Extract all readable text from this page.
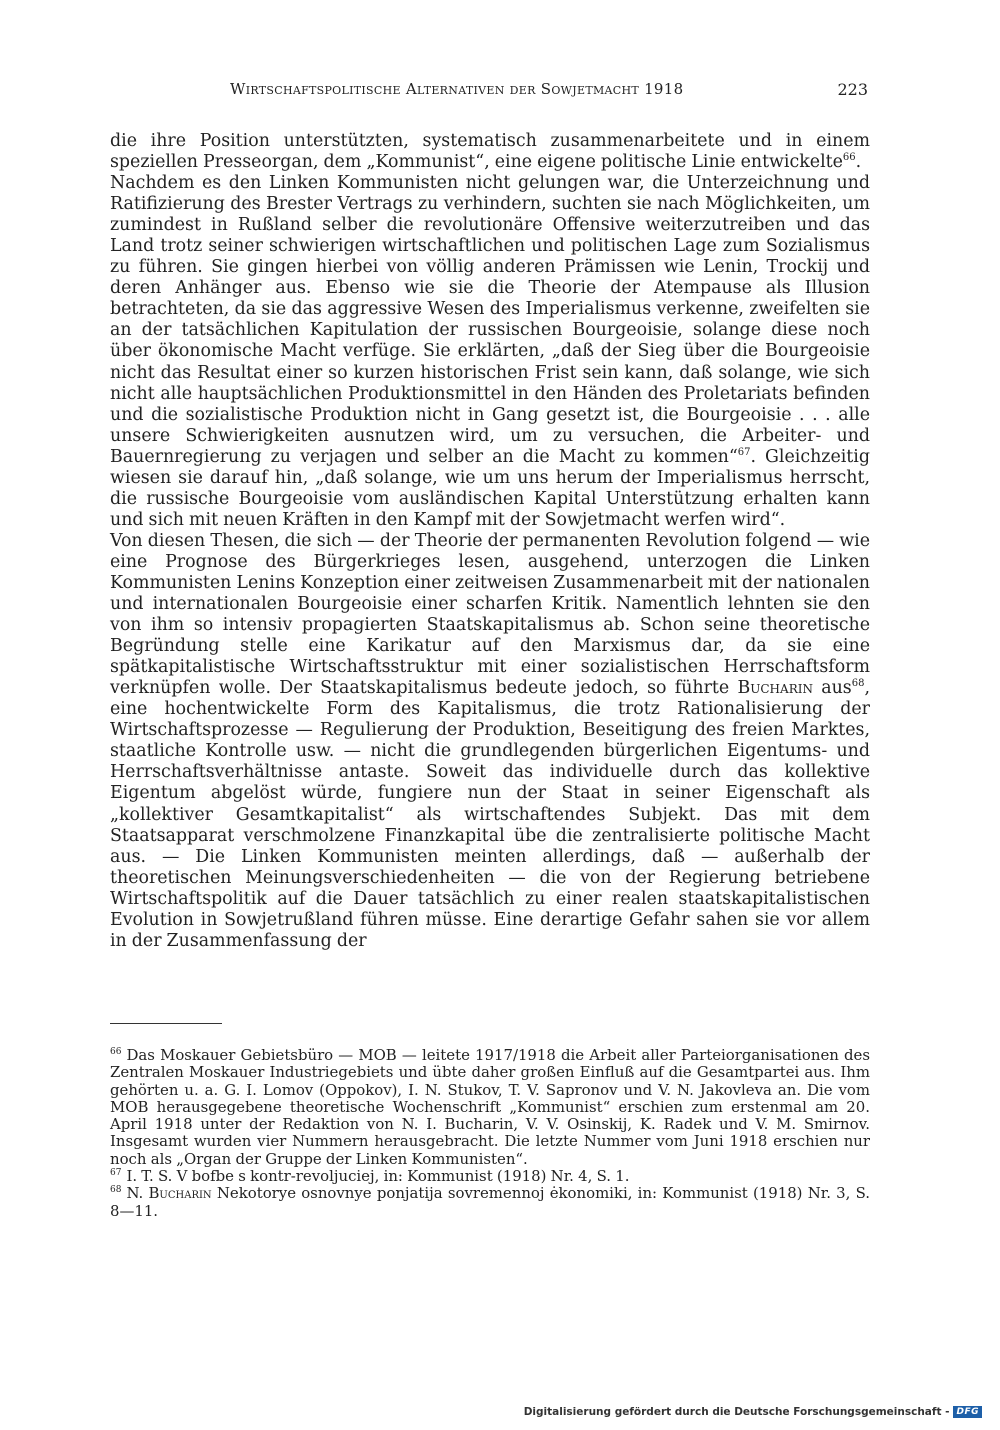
Wirtschaftspolitische Alternativen der Sowjetmacht 1918	223

die ihre Position unterstützten, systematisch zusammenarbeitete und in einem speziellen Presseorgan, dem „Kommunist“, eine eigene politische Linie entwickelte$^{66}$.

Nachdem es den Linken Kommunisten nicht gelungen war, die Unterzeichnung und Ratifizierung des Brester Vertrags zu verhindern, suchten sie nach Möglichkeiten, um zumindest in Rußland selber die revolutionäre Offensive weiterzutreiben und das Land trotz seiner schwierigen wirtschaftlichen und politischen Lage zum Sozialismus zu führen. Sie gingen hierbei von völlig anderen Prämissen wie Lenin, Trockij und deren Anhänger aus. Ebenso wie sie die Theorie der Atempause als Illusion betrachteten, da sie das aggressive Wesen des Imperialismus verkenne, zweifelten sie an der tatsächlichen Kapitulation der russischen Bourgeoisie, solange diese noch über ökonomische Macht verfüge. Sie erklärten, „daß der Sieg über die Bourgeoisie nicht das Resultat einer so kurzen historischen Frist sein kann, daß solange, wie sich nicht alle hauptsächlichen Produktionsmittel in den Händen des Proletariats befinden und die sozialistische Produktion nicht in Gang gesetzt ist, die Bourgeoisie . . . alle unsere Schwierigkeiten ausnutzen wird, um zu versuchen, die Arbeiter- und Bauernregierung zu verjagen und selber an die Macht zu kommen“$^{67}$. Gleichzeitig wiesen sie darauf hin, „daß solange, wie um uns herum der Imperialismus herrscht, die russische Bourgeoisie vom ausländischen Kapital Unterstützung erhalten kann und sich mit neuen Kräften in den Kampf mit der Sowjetmacht werfen wird“.

Von diesen Thesen, die sich — der Theorie der permanenten Revolution folgend — wie eine Prognose des Bürgerkrieges lesen, ausgehend, unterzogen die Linken Kommunisten Lenins Konzeption einer zeitweisen Zusammenarbeit mit der nationalen und internationalen Bourgeoisie einer scharfen Kritik. Namentlich lehnten sie den von ihm so intensiv propagierten Staatskapitalismus ab. Schon seine theoretische Begründung stelle eine Karikatur auf den Marxismus dar, da sie eine spätkapitalistische Wirtschaftsstruktur mit einer sozialistischen Herrschaftsform verknüpfen wolle. Der Staatskapitalismus bedeute jedoch, so führte Bucharin aus$^{68}$, eine hochentwickelte Form des Kapitalismus, die trotz Rationalisierung der Wirtschaftsprozesse — Regulierung der Produktion, Beseitigung des freien Marktes, staatliche Kontrolle usw. — nicht die grundlegenden bürgerlichen Eigentums- und Herrschaftsverhältnisse antaste. Soweit das individuelle durch das kollektive Eigentum abgelöst würde, fungiere nun der Staat in seiner Eigenschaft als „kollektiver Gesamtkapitalist“ als wirtschaftendes Subjekt. Das mit dem Staatsapparat verschmolzene Finanzkapital übe die zentralisierte politische Macht aus. — Die Linken Kommunisten meinten allerdings, daß — außerhalb der theoretischen Meinungsverschiedenheiten — die von der Regierung betriebene Wirtschaftspolitik auf die Dauer tatsächlich zu einer realen staatskapitalistischen Evolution in Sowjetrußland führen müsse. Eine derartige Gefahr sahen sie vor allem in der Zusammenfassung der

$^{66}$ Das Moskauer Gebietsbüro — MOB — leitete 1917/1918 die Arbeit aller Parteiorganisationen des Zentralen Moskauer Industriegebiets und übte daher großen Einfluß auf die Gesamtpartei aus. Ihm gehörten u. a. G. I. Lomov (Oppokov), I. N. Stukov, T. V. Sapronov und V. N. Jakovleva an. Die vom MOB herausgegebene theoretische Wochenschrift „Kommunist“ erschien zum erstenmal am 20. April 1918 unter der Redaktion von N. I. Bucharin, V. V. Osinskij, K. Radek und V. M. Smirnov. Insgesamt wurden vier Nummern herausgebracht. Die letzte Nummer vom Juni 1918 erschien nur noch als „Organ der Gruppe der Linken Kommunisten“.

$^{67}$ I. T. S. V bofbe s kontr-revoljuciej, in: Kommunist (1918) Nr. 4, S. 1.

$^{68}$ N. Bucharin Nekotorye osnovnye ponjatija sovremennoj ėkonomiki, in: Kommunist (1918) Nr. 3, S. 8—11.

Digitalisierung gefördert durch die Deutsche Forschungsgemeinschaft - DFG
